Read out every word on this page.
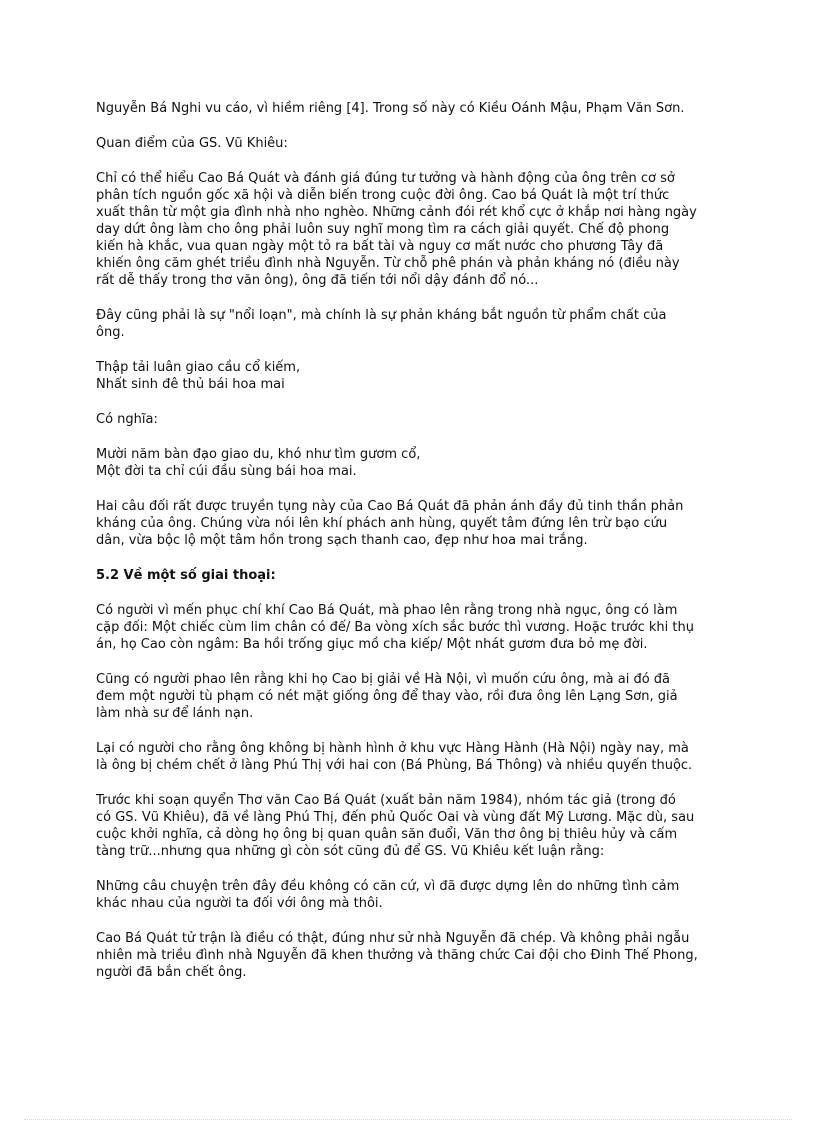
Nguyễn Bá Nghi vu cáo, vì hiềm riêng [4]. Trong số này có Kiều Oánh Mậu, Phạm Văn Sơn.

Quan điểm của GS. Vũ Khiêu:

Chỉ có thể hiểu Cao Bá Quát và đánh giá đúng tư tưởng và hành động của ông trên cơ sở
phân tích nguồn gốc xã hội và diễn biến trong cuộc đời ông. Cao bá Quát là một trí thức
xuất thân từ một gia đình nhà nho nghèo. Những cảnh đói rét khổ cực ở khắp nơi hàng ngày
day dứt ông làm cho ông phải luôn suy nghĩ mong tìm ra cách giải quyết. Chế độ phong
kiến hà khắc, vua quan ngày một tỏ ra bất tài và nguy cơ mất nước cho phương Tây đã
khiến ông căm ghét triều đình nhà Nguyễn. Từ chỗ phê phán và phản kháng nó (điều này
rất dễ thấy trong thơ văn ông), ông đã tiến tới nổi dậy đánh đổ nó...

Đây cũng phải là sự "nổi loạn", mà chính là sự phản kháng bắt nguồn từ phẩm chất của
ông.

Thập tải luân giao cầu cổ kiếm,
Nhất sinh đê thủ bái hoa mai

Có nghĩa:

Mười năm bàn đạo giao du, khó như tìm gươm cổ,
Một đời ta chỉ cúi đầu sùng bái hoa mai.

Hai câu đối rất được truyền tụng này của Cao Bá Quát đã phản ánh đầy đủ tinh thần phản
kháng của ông. Chúng vừa nói lên khí phách anh hùng, quyết tâm đứng lên trừ bạo cứu
dân, vừa bộc lộ một tâm hồn trong sạch thanh cao, đẹp như hoa mai trắng.

5.2 Về một số giai thoại:

Có người vì mến phục chí khí Cao Bá Quát, mà phao lên rằng trong nhà ngục, ông có làm
cặp đối: Một chiếc cùm lim chân có đế/ Ba vòng xích sắc bước thì vương. Hoặc trước khi thụ
án, họ Cao còn ngâm: Ba hồi trống giục mồ cha kiếp/ Một nhát gươm đưa bỏ mẹ đời.

Cũng có người phao lên rằng khi họ Cao bị giải về Hà Nội, vì muốn cứu ông, mà ai đó đã
đem một người tù phạm có nét mặt giống ông để thay vào, rồi đưa ông lên Lạng Sơn, giả
làm nhà sư để lánh nạn.

Lại có người cho rằng ông không bị hành hình ở khu vực Hàng Hành (Hà Nội) ngày nay, mà
là ông bị chém chết ở làng Phú Thị với hai con (Bá Phùng, Bá Thông) và nhiều quyến thuộc.

Trước khi soạn quyển Thơ văn Cao Bá Quát (xuất bản năm 1984), nhóm tác giả (trong đó
có GS. Vũ Khiêu), đã về làng Phú Thị, đến phủ Quốc Oai và vùng đất Mỹ Lương. Mặc dù, sau
cuộc khởi nghĩa, cả dòng họ ông bị quan quân săn đuổi, Văn thơ ông bị thiêu hủy và cấm
tàng trữ...nhưng qua những gì còn sót cũng đủ để GS. Vũ Khiêu kết luận rằng:

Những câu chuyện trên đây đều không có căn cứ, vì đã được dựng lên do những tình cảm
khác nhau của người ta đối với ông mà thôi.

Cao Bá Quát tử trận là điều có thật, đúng như sử nhà Nguyễn đã chép. Và không phải ngẫu
nhiên mà triều đình nhà Nguyễn đã khen thưởng và thăng chức Cai đội cho Đinh Thế Phong,
người đã bắn chết ông.
